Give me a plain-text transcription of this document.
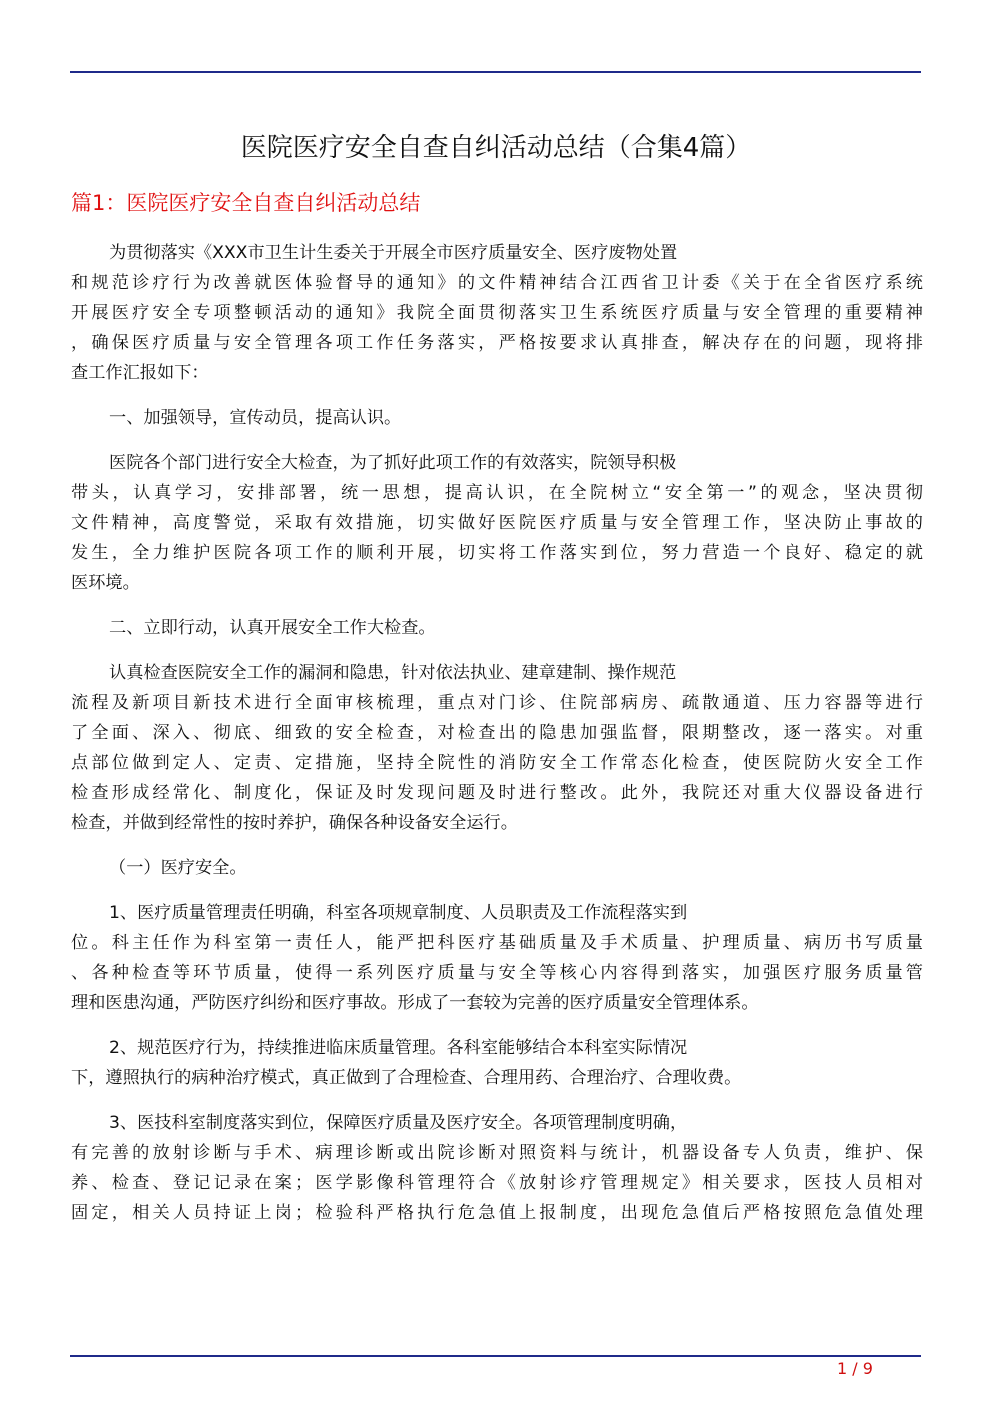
医院医疗安全自查自纠活动总结（合集4篇）
篇1：医院医疗安全自查自纠活动总结
为贯彻落实《XXX市卫生计生委关于开展全市医疗质量安全、医疗废物处置
和规范诊疗行为改善就医体验督导的通知》的文件精神结合江西省卫计委《关于在全省医疗系统
开展医疗安全专项整顿活动的通知》我院全面贯彻落实卫生系统医疗质量与安全管理的重要精神
，确保医疗质量与安全管理各项工作任务落实，严格按要求认真排查，解决存在的问题，现将排
查工作汇报如下：
一、加强领导，宣传动员，提高认识。
医院各个部门进行安全大检查，为了抓好此项工作的有效落实，院领导积极
带头，认真学习，安排部署，统一思想，提高认识，在全院树立“安全第一”的观念，坚决贯彻
文件精神，高度警觉，采取有效措施，切实做好医院医疗质量与安全管理工作，坚决防止事故的
发生，全力维护医院各项工作的顺利开展，切实将工作落实到位，努力营造一个良好、稳定的就
医环境。
二、立即行动，认真开展安全工作大检查。
认真检查医院安全工作的漏洞和隐患，针对依法执业、建章建制、操作规范
流程及新项目新技术进行全面审核梳理，重点对门诊、住院部病房、疏散通道、压力容器等进行
了全面、深入、彻底、细致的安全检查，对检查出的隐患加强监督，限期整改，逐一落实。对重
点部位做到定人、定责、定措施，坚持全院性的消防安全工作常态化检查，使医院防火安全工作
检查形成经常化、制度化，保证及时发现问题及时进行整改。此外，我院还对重大仪器设备进行
检查，并做到经常性的按时养护，确保各种设备安全运行。
（一）医疗安全。
1、医疗质量管理责任明确，科室各项规章制度、人员职责及工作流程落实到
位。科主任作为科室第一责任人，能严把科医疗基础质量及手术质量、护理质量、病历书写质量
、各种检查等环节质量，使得一系列医疗质量与安全等核心内容得到落实，加强医疗服务质量管
理和医患沟通，严防医疗纠纷和医疗事故。形成了一套较为完善的医疗质量安全管理体系。
2、规范医疗行为，持续推进临床质量管理。各科室能够结合本科室实际情况
下，遵照执行的病种治疗模式，真正做到了合理检查、合理用药、合理治疗、合理收费。
3、医技科室制度落实到位，保障医疗质量及医疗安全。各项管理制度明确，
有完善的放射诊断与手术、病理诊断或出院诊断对照资料与统计，机器设备专人负责，维护、保
养、检查、登记记录在案；医学影像科管理符合《放射诊疗管理规定》相关要求，医技人员相对
固定，相关人员持证上岗；检验科严格执行危急值上报制度，出现危急值后严格按照危急值处理
1 / 9
